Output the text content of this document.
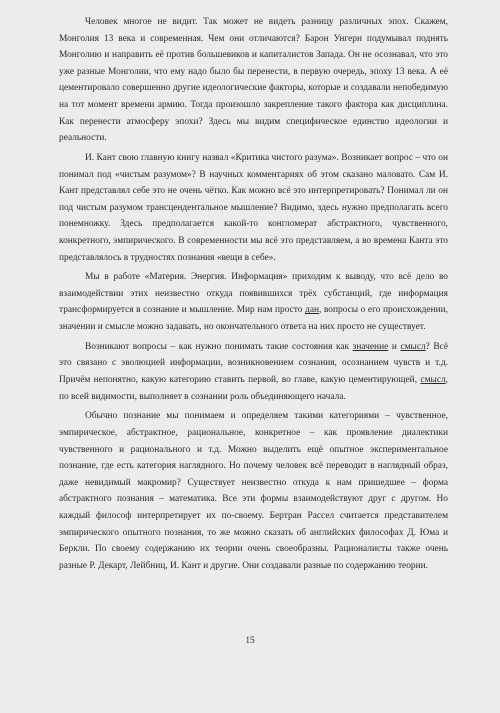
Человек многое не видит. Так может не видеть разницу различных эпох. Скажем, Монголия 13 века и современная. Чем они отличаются? Барон Унгерн подумывал поднять Монголию и направить её против большевиков и капиталистов Запада. Он не осознавал, что это уже разные Монголии, что ему надо было бы перенести, в первую очередь, эпоху 13 века. А её цементировало совершенно другие идеологические факторы, которые и создавали непобедимую на тот момент времени армию. Тогда произошло закрепление такого фактора как дисциплина. Как перенести атмосферу эпохи? Здесь мы видим специфическое единство идеологии и реальности.

И. Кант свою главную книгу назвал «Критика чистого разума». Возникает вопрос – что он понимал под «чистым разумом»? В научных комментариях об этом сказано маловато. Сам И. Кант представлял себе это не очень чётко. Как можно всё это интерпретировать? Понимал ли он под чистым разумом трансцендентальное мышление? Видимо, здесь нужно предполагать всего понемножку. Здесь предполагается какой-то конгломерат абстрактного, чувственного, конкретного, эмпирического. В современности мы всё это представляем, а во времена Канта это представлялось в трудностях познания «вещи в себе».

Мы в работе «Материя. Энергия. Информация» приходим к выводу, что всё дело во взаимодействии этих неизвестно откуда появившихся трёх субстанций, где информация трансформируется в сознание и мышление. Мир нам просто дан, вопросы о его происхождении, значении и смысле можно задавать, но окончательного ответа на них просто не существует.

Возникают вопросы – как нужно понимать такие состояния как значение и смысл? Всё это связано с эволюцией информации, возникновением сознания, осознанием чувств и т.д. Причём непонятно, какую категорию ставить первой, во главе, какую цементирующей, смысл, по всей видимости, выполняет в сознании роль объединяющего начала.

Обычно познание мы понимаем и определяем такими категориями – чувственное, эмпирическое, абстрактное, рациональное, конкретное – как проявление диалектики чувственного и рационального и т.д. Можно выделить ещё опытное экспериментальное познание, где есть категория наглядного. Но почему человек всё переводит в наглядный образ, даже невидимый макромир? Существует неизвестно откуда к нам пришедшее – форма абстрактного познания – математика. Все эти формы взаимодействуют друг с другом. Но каждый философ интерпретирует их по-своему. Бертран Рассел считается представителем эмпирического опытного познания, то же можно сказать об английских философах Д. Юма и Беркли. По своему содержанию их теории очень своеобразны. Рационалисты также очень разные Р. Декарт, Лейбниц, И. Кант и другие. Они создавали разные по содержанию теории.

15
